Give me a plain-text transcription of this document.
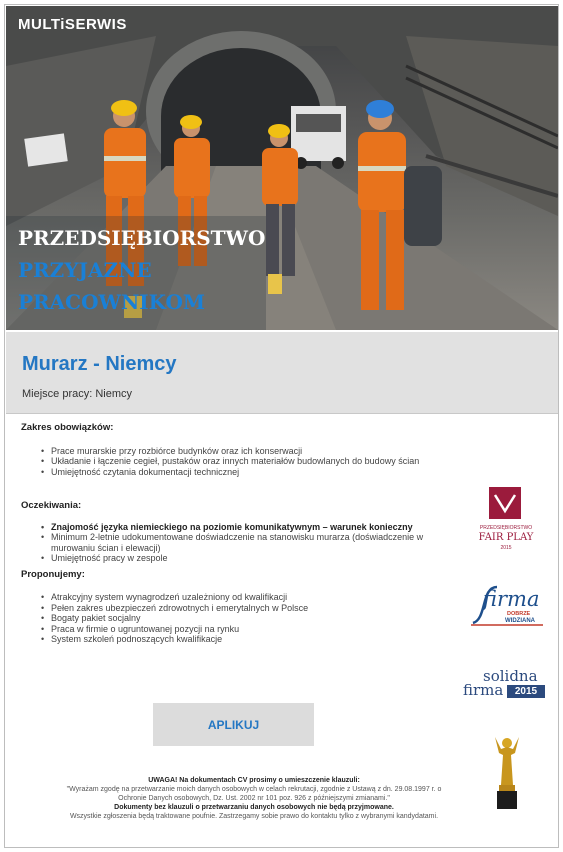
MULTiSERWIS
PRZEDSIĘBIORSTWO
PRZYJAZNE
PRACOWNIKOM
Murarz - Niemcy
Miejsce pracy: Niemcy
Zakres obowiązków:
• Prace murarskie przy rozbiórce budynków oraz ich konserwacji
• Układanie i łączenie cegieł, pustaków oraz innych materiałów budowlanych do budowy ścian
• Umiejętność czytania dokumentacji technicznej
Oczekiwania:
• Znajomość języka niemieckiego na poziomie komunikatywnym – warunek konieczny
• Minimum 2-letnie udokumentowane doświadczenie na stanowisku murarza (doświadczenie w murowaniu ścian i elewacji)
• Umiejętność pracy w zespole
Proponujemy:
• Atrakcyjny system wynagrodzeń uzależniony od kwalifikacji
• Pełen zakres ubezpieczeń zdrowotnych i emerytalnych w Polsce
• Bogaty pakiet socjalny
• Praca w firmie o ugruntowanej pozycji na rynku
• System szkoleń podnoszących kwalifikacje
APLIKUJ
PRZEDSIĘBIORSTWO
FAIR PLAY
2015
firma
DOBRZE
WIDZIANA
solidna
firma	2015
UWAGA! Na dokumentach CV prosimy o umieszczenie klauzuli:
"Wyrażam zgodę na przetwarzanie moich danych osobowych w celach rekrutacji, zgodnie z Ustawą z dn. 29.08.1997 r. o
Ochronie Danych osobowych, Dz. Ust. 2002 nr 101 poz. 926 z późniejszymi zmianami."
Dokumenty bez klauzuli o przetwarzaniu danych osobowych nie będą przyjmowane.
Wszystkie zgłoszenia będą traktowane poufnie. Zastrzegamy sobie prawo do kontaktu tylko z wybranymi kandydatami.
